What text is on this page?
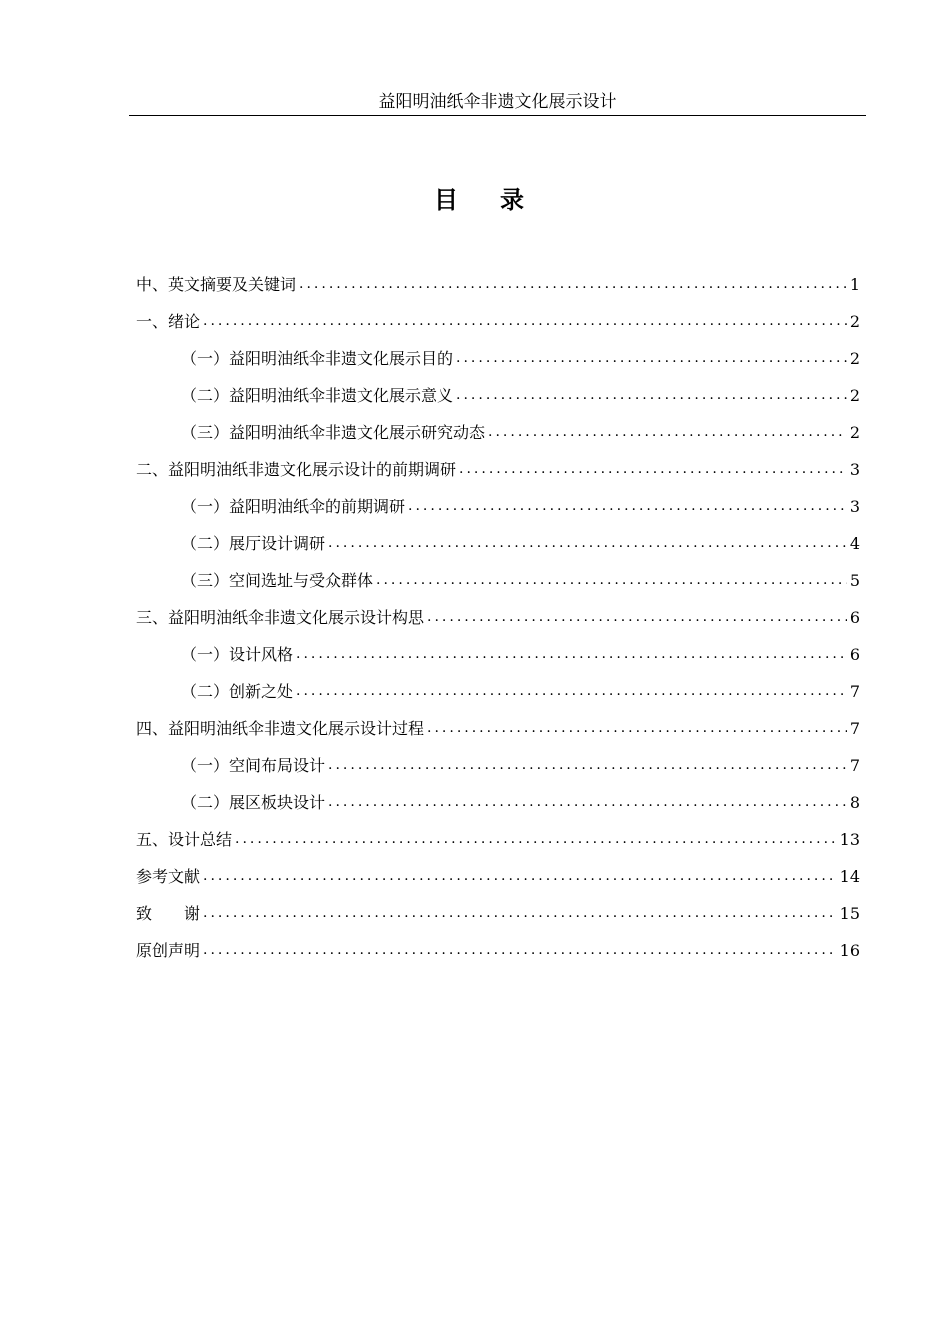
益阳明油纸伞非遗文化展示设计
目录
中、英文摘要及关键词 .....	1
一、绪论 .....	2
（一）益阳明油纸伞非遗文化展示目的 .....	2
（二）益阳明油纸伞非遗文化展示意义 .....	2
（三）益阳明油纸伞非遗文化展示研究动态 .....	2
二、益阳明油纸非遗文化展示设计的前期调研 .....	3
（一）益阳明油纸伞的前期调研 .....	3
（二）展厅设计调研 .....	4
（三）空间选址与受众群体 .....	5
三、益阳明油纸伞非遗文化展示设计构思 .....	6
（一）设计风格 .....	6
（二）创新之处 .....	7
四、益阳明油纸伞非遗文化展示设计过程 .....	7
（一）空间布局设计 .....	7
（二）展区板块设计 .....	8
五、设计总结 .....	13
参考文献 .....	14
致　　谢 .....	15
原创声明 .....	16
